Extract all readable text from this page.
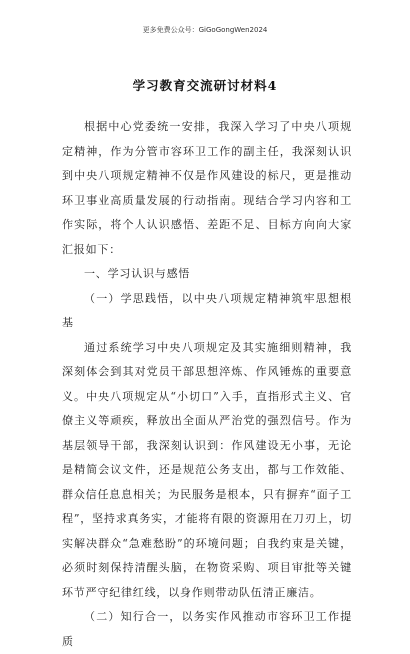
更多免费公众号：GiGoGongWen2024
学习教育交流研讨材料4

根据中心党委统一安排，我深入学习了中央八项规定精神，作为分管市容环卫工作的副主任，我深刻认识到中央八项规定精神不仅是作风建设的标尺，更是推动环卫事业高质量发展的行动指南。现结合学习内容和工作实际，将个人认识感悟、差距不足、目标方向向大家汇报如下：

一、学习认识与感悟

（一）学思践悟，以中央八项规定精神筑牢思想根基

通过系统学习中央八项规定及其实施细则精神，我深刻体会到其对党员干部思想淬炼、作风锤炼的重要意义。中央八项规定从“小切口”入手，直指形式主义、官僚主义等顽疾，释放出全面从严治党的强烈信号。作为基层领导干部，我深刻认识到：作风建设无小事，无论是精简会议文件，还是规范公务支出，都与工作效能、群众信任息息相关；为民服务是根本，只有摒弃“面子工程”，坚持求真务实，才能将有限的资源用在刀刃上，切实解决群众“急难愁盼”的环境问题；自我约束是关键，必须时刻保持清醒头脑，在物资采购、项目审批等关键环节严守纪律红线，以身作则带动队伍清正廉洁。

（二）知行合一，以务实作风推动市容环卫工作提质
